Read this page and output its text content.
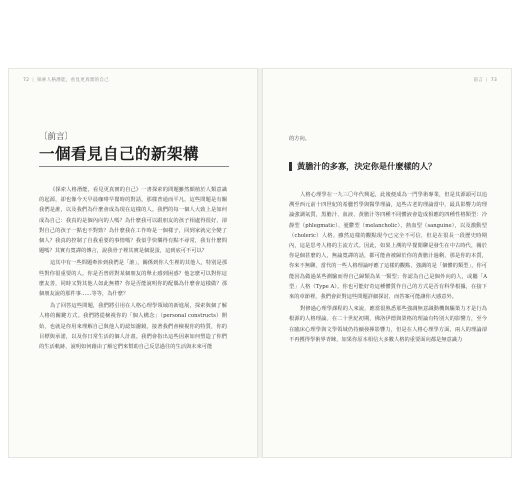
72 | 探索人格潛能，看見更真實的自己
〔前言〕
一個看見自己的新架構

《探索人格潛能，看見更真實的自己》一書探索的問題雖然頗植於人類意識的起源，卻也像今天早晨咖啡早餐時的對話，那樣普通而平凡。這些問題是有關我們是誰，以及我們為什麼會成為現在這樣的人。我們的每一個人大致上是如何成為自己：我真的是個內向的人嗎？為什麼我可以跟朋友的孩子相處得很好，卻對自己的孩子一點也不對勁？為什麼我在工作時是一個樣子，回到家就完全變了個人？我真的控制了自我重要的事情嗎？我似乎快樂得有點不尋常，我有什麼問題嗎？其實有寬譯的傳言，說我骨子裡其實是個混蛋，這到底可不可以？

這其中有一些問題牽涉到我們是「誰」，關係到你人生裡的其他人，特別是那些對你很重要的人。你是否曾經對某個朋友的舉止感到困惑？他怎麼可以對你這麼友善，同時又對其他人如此無禮？你是否能說明你的配偶為什麼會這樣做？那個朋友說的那件事……等等，為什麼？

為了回答這些問題，我們將引用在人格心理學領域的新進展，探索與個了解人格的關鍵方式。我們將從檢視你的「個人構念」（personal constructs）開始，也就是你用來理解自己與他人的認知濾鏡。接著我們會檢視你的特質，你的目標與承諾，以及你日常生活的個人計畫。我們會指出這些因素如何塑造了你們的生活軌跡，說明如何藉由了解它們來幫助自己反思過往的生活與未來可能

前言 | 73
的方向。
黃膽汁的多寡，決定你是什麼樣的人？

人格心理學在一九三〇年代興起，此後便成為一門學術專業，但是其源頭可以追溯至西元前十四世紀的希臘哲學與醫學理論，這些古老的理論當中，最具影響力的理論強調氣質，黑膽汁、血液、黃膽汁等四種不同體液會造成相應的四種性格類型：冷靜型（phlegmatic）、憂鬱型（melancholic）、熱血型（sanguine），以及激動型（choleric）人格。雖然這樣的觀點現今已完全不可信，但是在很長一段歷史時期內，這是思考人格的主流方式。因此，如果上溯的早餐閒聊是發生在中古時代，關於你是個甚麼的人，無論寬譯的話，都可能會被歸於你的黃膽汁過剩，那是你的本質，你來不無聊，當代的一些人格理論呼應了這樣的觀點，強調的是「個體的類型」，你可能因為做過某些測驗而得自己歸類為某一類型；你認為自己是個外向的人，或屬「A型」人格（Type A）。你也可能好奇這種體質作自己的方式是否有科學根據，在接下來的章節裡，我們會針對這些問題詳細探討，而答案可能讓你大感意外。

對修過心理學課程的人來說，應當很熟悉那些強調無意識動機與驅策力才是行為根源的人格理論。在二十世紀初期，佛洛伊德與榮格的理論有特別大的影響力，至今在臨床心理學與文學領域仍持續發揮影響力，但是在人格心理學方面，兩人的理論卻不再獲得學術界青睞，如果你原本相信大多數人格的重要面向都是無意識力
